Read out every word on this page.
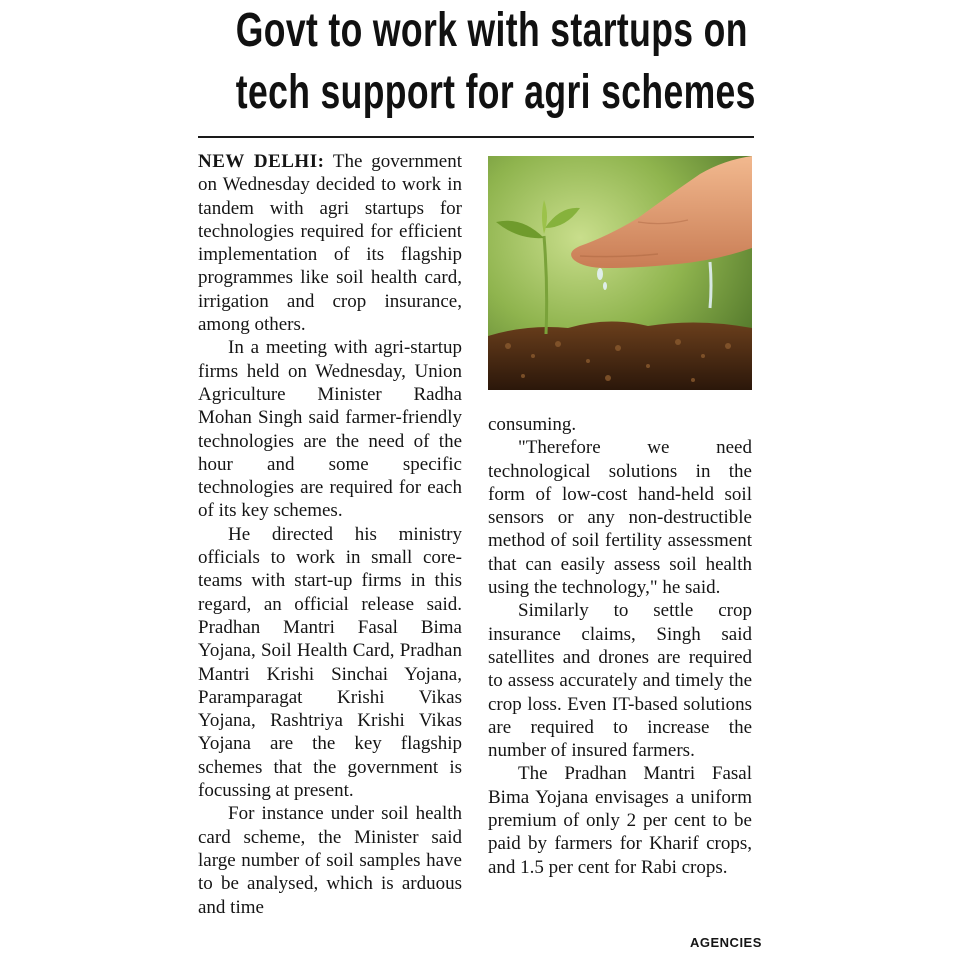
Govt to work with startups on
tech support for agri schemes

NEW DELHI: The government on Wednesday decided to work in tandem with agri startups for technologies required for efficient implementation of its flagship programmes like soil health card, irrigation and crop insurance, among others.

In a meeting with agri-startup firms held on Wednesday, Union Agriculture Minister Radha Mohan Singh said farmer-friendly technologies are the need of the hour and some specific technologies are required for each of its key schemes.

He directed his ministry officials to work in small core-teams with start-up firms in this regard, an official release said. Pradhan Mantri Fasal Bima Yojana, Soil Health Card, Pradhan Mantri Krishi Sinchai Yojana, Paramparagat Krishi Vikas Yojana, Rashtriya Krishi Vikas Yojana are the key flagship schemes that the government is focussing at present.

For instance under soil health card scheme, the Minister said large number of soil samples have to be analysed, which is arduous and time

consuming.

"Therefore we need technological solutions in the form of low-cost hand-held soil sensors or any non-destructible method of soil fertility assessment that can easily assess soil health using the technology," he said.

Similarly to settle crop insurance claims, Singh said satellites and drones are required to assess accurately and timely the crop loss. Even IT-based solutions are required to increase the number of insured farmers.

The Pradhan Mantri Fasal Bima Yojana envisages a uniform premium of only 2 per cent to be paid by farmers for Kharif crops, and 1.5 per cent for Rabi crops.

AGENCIES
